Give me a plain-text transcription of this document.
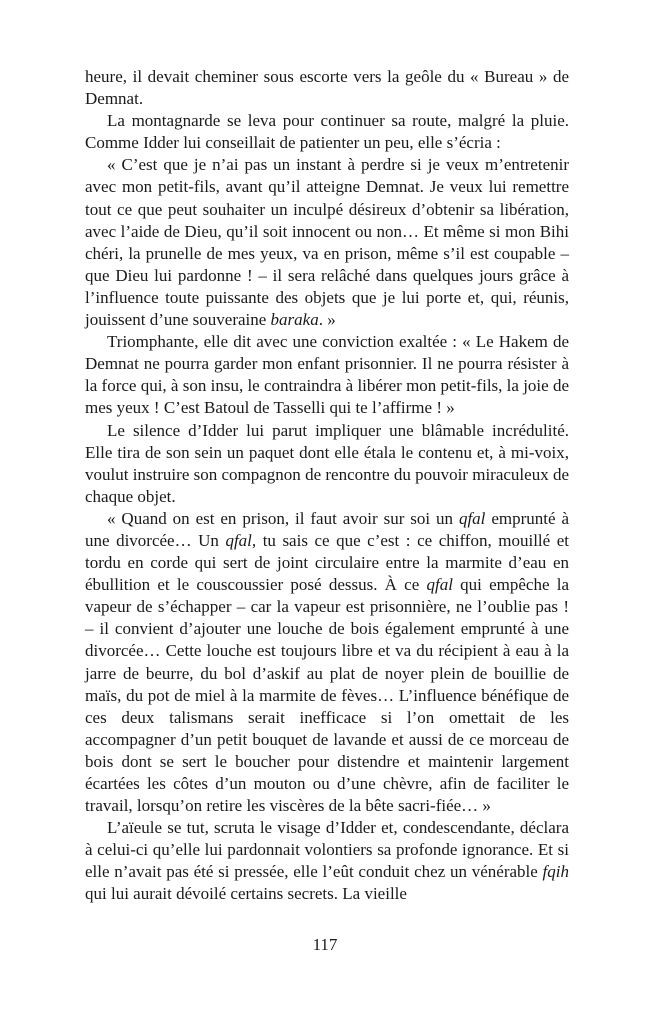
heure, il devait cheminer sous escorte vers la geôle du « Bureau » de Demnat.

La montagnarde se leva pour continuer sa route, malgré la pluie. Comme Idder lui conseillait de patienter un peu, elle s’écria :

« C’est que je n’ai pas un instant à perdre si je veux m’entretenir avec mon petit-fils, avant qu’il atteigne Demnat. Je veux lui remettre tout ce que peut souhaiter un inculpé désireux d’obtenir sa libération, avec l’aide de Dieu, qu’il soit innocent ou non… Et même si mon Bihi chéri, la prunelle de mes yeux, va en prison, même s’il est coupable – que Dieu lui pardonne ! – il sera relâché dans quelques jours grâce à l’influence toute puissante des objets que je lui porte et, qui, réunis, jouissent d’une souveraine baraka. »

Triomphante, elle dit avec une conviction exaltée : « Le Hakem de Demnat ne pourra garder mon enfant prisonnier. Il ne pourra résister à la force qui, à son insu, le contraindra à libérer mon petit-fils, la joie de mes yeux ! C’est Batoul de Tasselli qui te l’affirme ! »

Le silence d’Idder lui parut impliquer une blâmable incrédulité. Elle tira de son sein un paquet dont elle étala le contenu et, à mi-voix, voulut instruire son compagnon de rencontre du pouvoir miraculeux de chaque objet.

« Quand on est en prison, il faut avoir sur soi un qfal emprunté à une divorcée… Un qfal, tu sais ce que c’est : ce chiffon, mouillé et tordu en corde qui sert de joint circulaire entre la marmite d’eau en ébullition et le couscoussier posé dessus. À ce qfal qui empêche la vapeur de s’échapper – car la vapeur est prisonnière, ne l’oublie pas ! – il convient d’ajouter une louche de bois également emprunté à une divorcée… Cette louche est toujours libre et va du récipient à eau à la jarre de beurre, du bol d’askif au plat de noyer plein de bouillie de maïs, du pot de miel à la marmite de fèves… L’influence bénéfique de ces deux talismans serait inefficace si l’on omettait de les accompagner d’un petit bouquet de lavande et aussi de ce morceau de bois dont se sert le boucher pour distendre et maintenir largement écartées les côtes d’un mouton ou d’une chèvre, afin de faciliter le travail, lorsqu’on retire les viscères de la bête sacri-fiée… »

L’aïeule se tut, scruta le visage d’Idder et, condescendante, déclara à celui-ci qu’elle lui pardonnait volontiers sa profonde ignorance. Et si elle n’avait pas été si pressée, elle l’eût conduit chez un vénérable fqih qui lui aurait dévoilé certains secrets. La vieille

117
